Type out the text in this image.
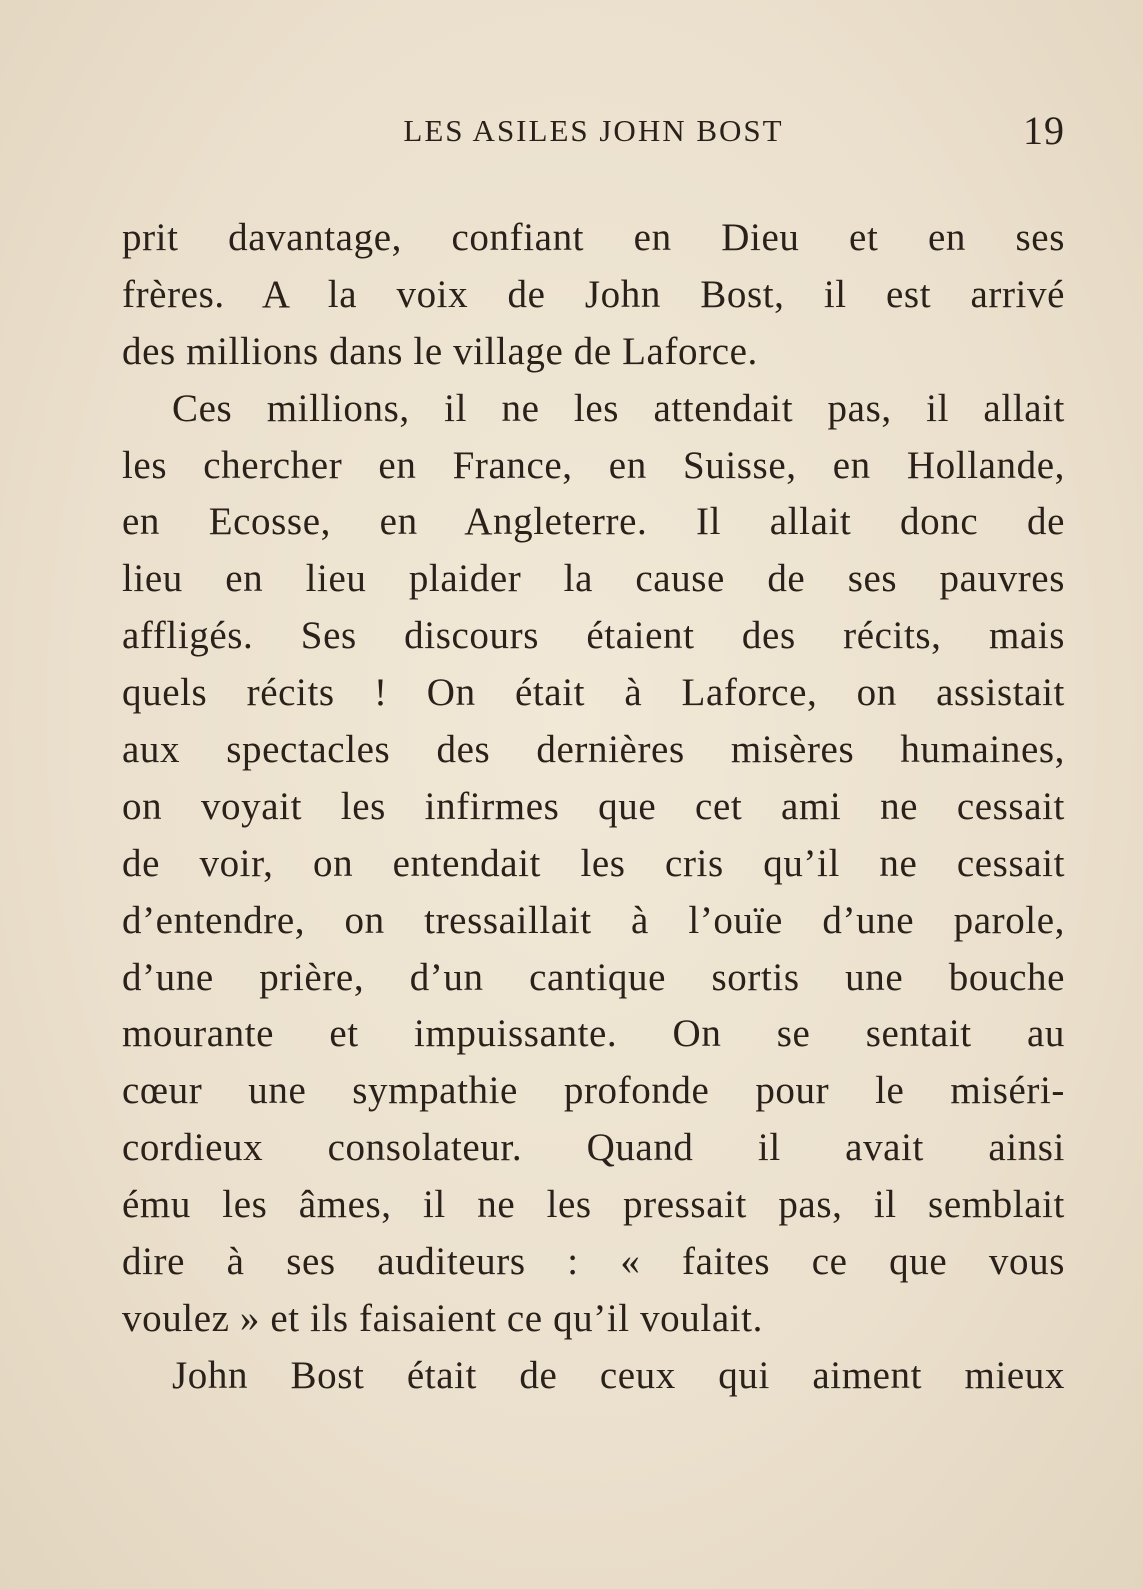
LES ASILES JOHN BOST	19
prit davantage, confiant en Dieu et en ses
frères. A la voix de John Bost, il est arrivé
des millions dans le village de Laforce.
Ces millions, il ne les attendait pas, il allait
les chercher en France, en Suisse, en Hollande,
en Ecosse, en Angleterre. Il allait donc de
lieu en lieu plaider la cause de ses pauvres
affligés. Ses discours étaient des récits, mais
quels récits ! On était à Laforce, on assistait
aux spectacles des dernières misères humaines,
on voyait les infirmes que cet ami ne cessait
de voir, on entendait les cris qu’il ne cessait
d’entendre, on tressaillait à l’ouïe d’une parole,
d’une prière, d’un cantique sortis une bouche
mourante et impuissante. On se sentait au
cœur une sympathie profonde pour le miséri-
cordieux consolateur. Quand il avait ainsi
ému les âmes, il ne les pressait pas, il semblait
dire à ses auditeurs : « faites ce que vous
voulez » et ils faisaient ce qu’il voulait.
John Bost était de ceux qui aiment mieux
